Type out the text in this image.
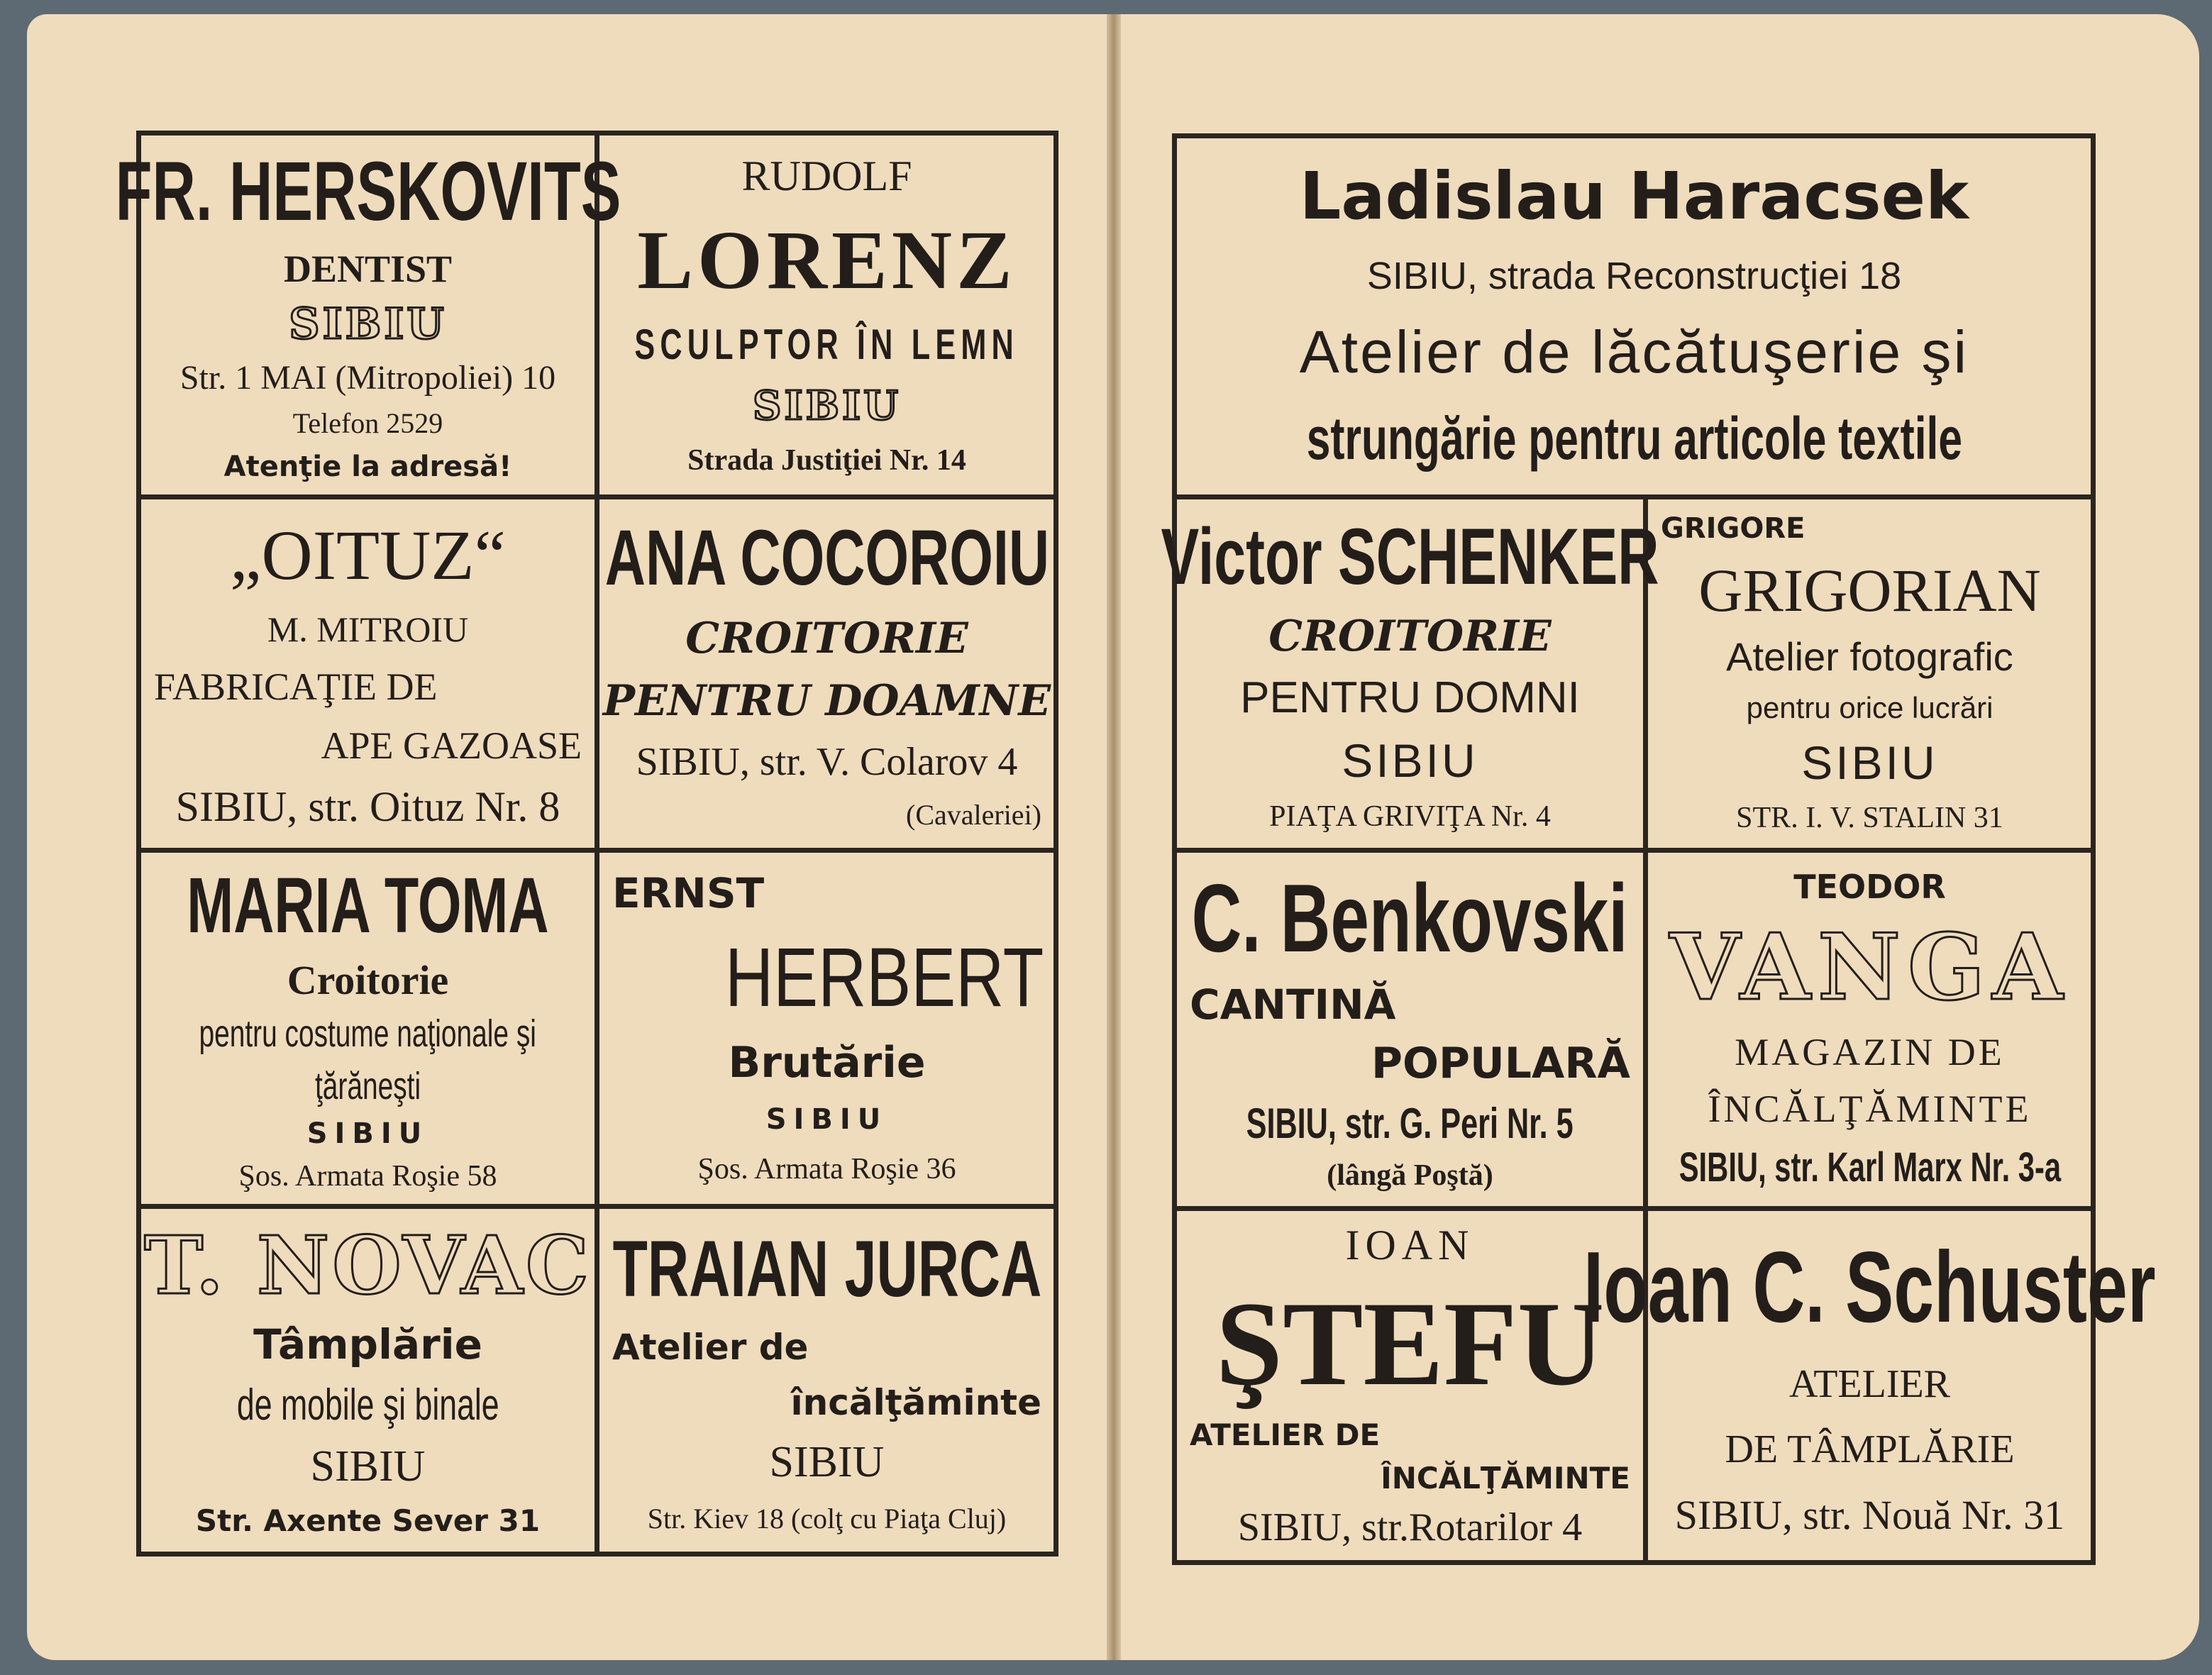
FR. HERSKOVITS
DENTIST
SIBIU
Str. 1 MAI (Mitropoliei) 10
Telefon 2529
Atenţie la adresă!
RUDOLF
LORENZ
SCULPTOR ÎN LEMN
SIBIU
Strada Justiţiei Nr. 14
„OITUZ“
M. MITROIU
FABRICAŢIE DE
APE GAZOASE
SIBIU, str. Oituz Nr. 8
ANA COCOROIU
CROITORIE
PENTRU DOAMNE
SIBIU, str. V. Colarov 4
(Cavaleriei)
MARIA TOMA
Croitorie
pentru costume naţionale şi
ţărăneşti
SIBIU
Şos. Armata Roşie 58
ERNST
HERBERT
Brutărie
SIBIU
Şos. Armata Roşie 36
T. NOVAC
Tâmplărie
de mobile şi binale
SIBIU
Str. Axente Sever 31
TRAIAN JURCA
Atelier de
încălţăminte
SIBIU
Str. Kiev 18 (colţ cu Piaţa Cluj)
Ladislau Haracsek
SIBIU, strada Reconstrucţiei 18
Atelier de lăcătuşerie şi
strungărie pentru articole textile
Victor SCHENKER
CROITORIE
PENTRU DOMNI
SIBIU
PIAŢA GRIVIŢA Nr. 4
GRIGORE
GRIGORIAN
Atelier fotografic
pentru orice lucrări
SIBIU
STR. I. V. STALIN 31
C. Benkovski
CANTINĂ
POPULARĂ
SIBIU, str. G. Peri Nr. 5
(lângă Poştă)
TEODOR
VANGA
MAGAZIN DE
ÎNCĂLŢĂMINTE
SIBIU, str. Karl Marx Nr. 3-a
IOAN
ŞTEFU
ATELIER DE
ÎNCĂLŢĂMINTE
SIBIU, str.Rotarilor 4
Ioan C. Schuster
ATELIER
DE TÂMPLĂRIE
SIBIU, str. Nouă Nr. 31
